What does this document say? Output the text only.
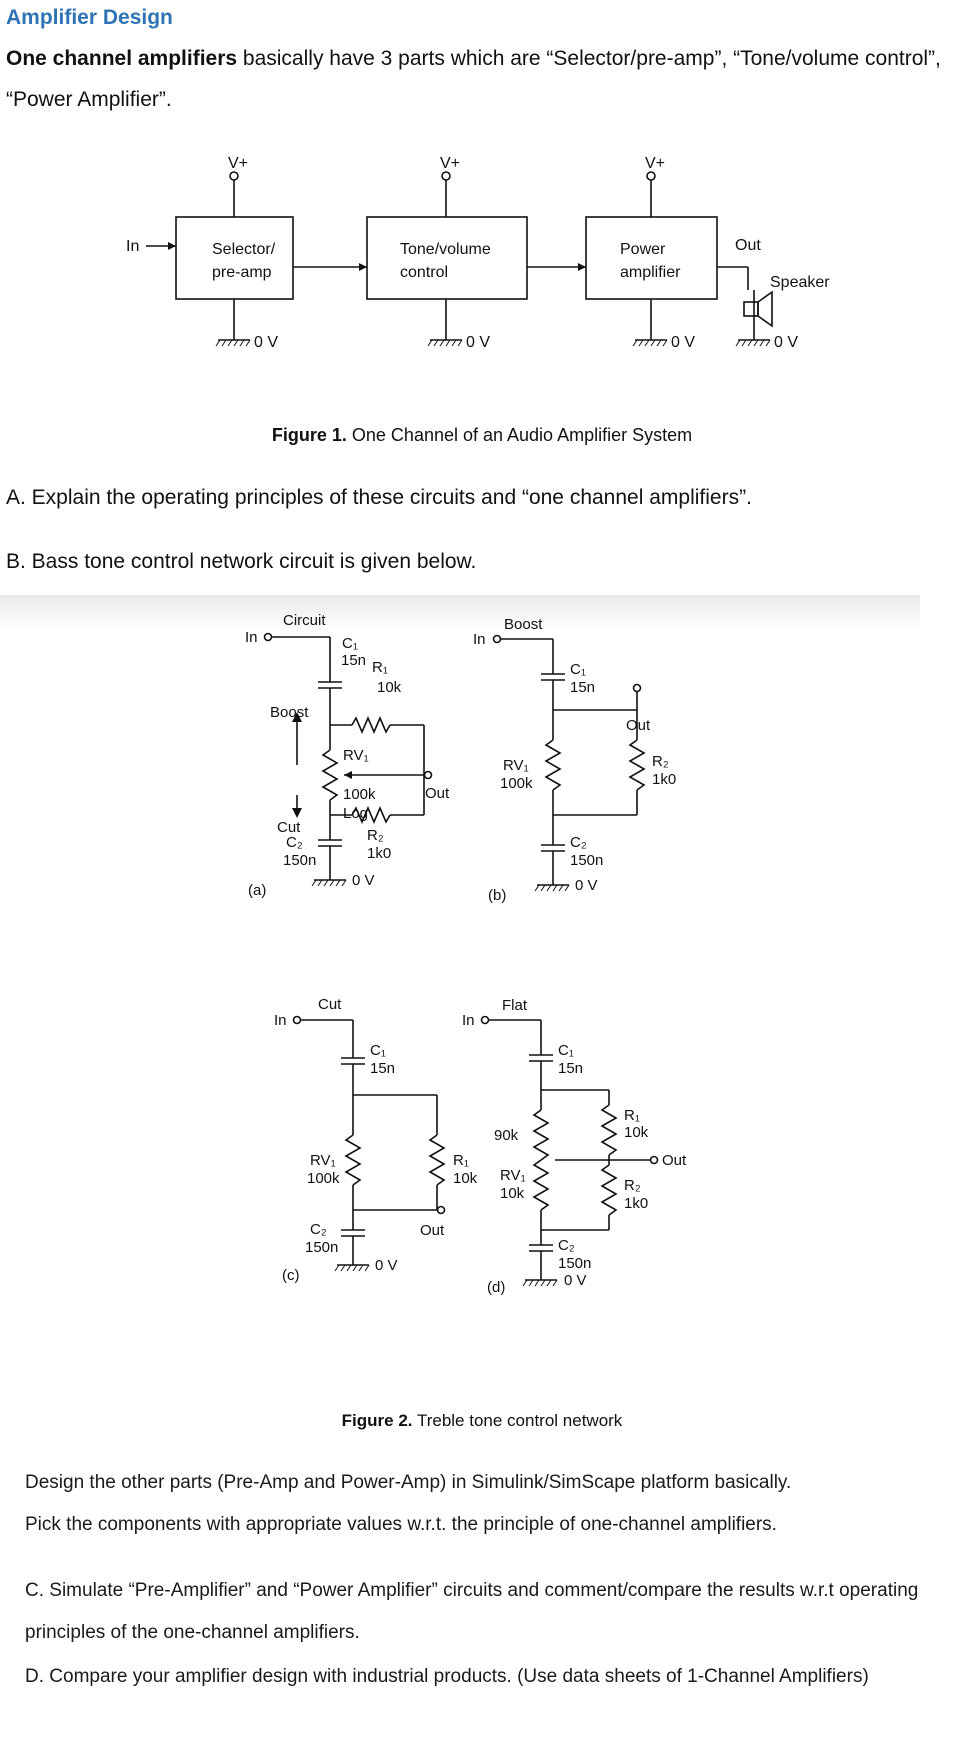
Amplifier Design
One channel amplifiers basically have 3 parts which are “Selector/pre-amp”, “Tone/volume control”, “Power Amplifier”.
V+	V+	V+
In	Selector/
pre-amp
Tone/volume
control
Power
amplifier
Out
Speaker
0 V	0 V	0 V	0 V
Figure 1. One Channel of an Audio Amplifier System
A. Explain the operating principles of these circuits and “one channel amplifiers”.
B. Bass tone control network circuit is given below.
Circuit
In	C₁
15n R₁
10k
Boost
RV₁
100k
Log
Out
Cut	R₂
1k0
C₂
150n
0 V
(a)
Boost
In
C₁
15n
Out
RV₁
100k
R₂
1k0
C₂
150n
0 V
(b)
Cut
In
C₁
15n
RV₁
100k
R₁
10k
Out
C₂
150n
0 V
(c)
Flat
In
C₁
15n
90k
R₁
10k
Out
RV₁
10k	R₂
1k0
C₂
150n
0 V
(d)
Figure 2. Treble tone control network
Design the other parts (Pre-Amp and Power-Amp) in Simulink/SimScape platform basically.
Pick the components with appropriate values w.r.t. the principle of one-channel amplifiers.
C. Simulate “Pre-Amplifier” and “Power Amplifier” circuits and comment/compare the results w.r.t operating principles of the one-channel amplifiers.
D. Compare your amplifier design with industrial products. (Use data sheets of 1-Channel Amplifiers)
